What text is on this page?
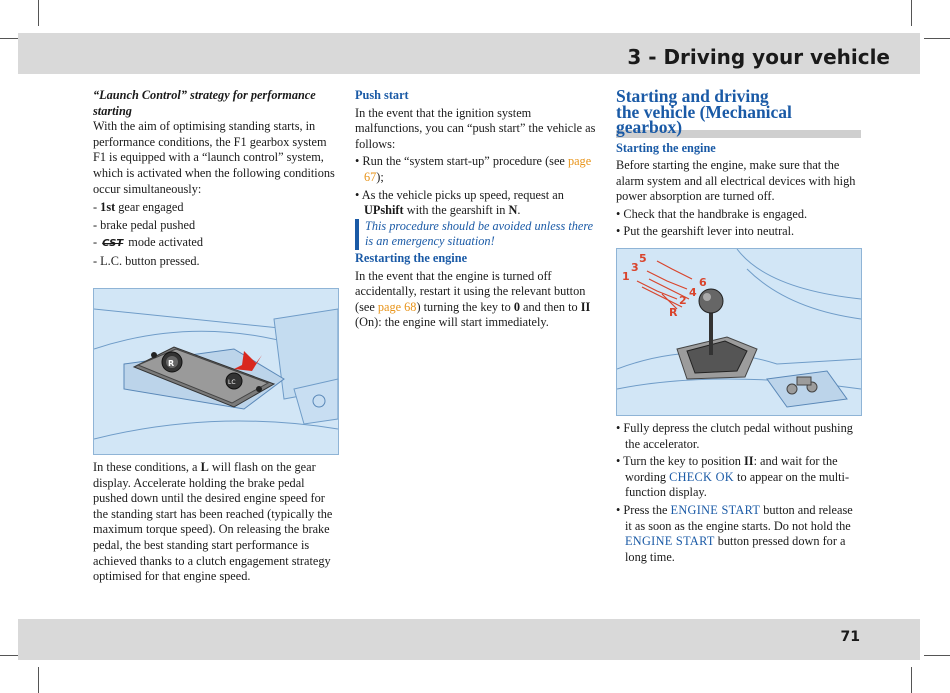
3 - Driving your vehicle
71

“Launch Control” strategy for performance starting

With the aim of optimising standing starts, in performance conditions, the F1 gearbox system F1 is equipped with a “launch control” system, which is activated when the following conditions occur simultaneously:

- 1st gear engaged

- brake pedal pushed

- CST mode activated

- L.C. button pressed.

R
LC

In these conditions, a L will flash on the gear display. Accelerate holding the brake pedal pushed down until the desired engine speed for the standing start has been reached (typically the maximum torque speed). On releasing the brake pedal, the best standing start performance is achieved thanks to a clutch engagement strategy optimised for that engine speed.

Push start

In the event that the ignition system malfunctions, you can “push start” the vehicle as follows:

• Run the “system start-up” procedure (see page 67);

• As the vehicle picks up speed, request an UPshift with the gearshift in N.

This procedure should be avoided unless there is an emergency situation!

Restarting the engine

In the event that the engine is turned off accidentally, restart it using the relevant button (see page 68) turning the key to 0 and then to II (On): the engine will start immediately.

Starting and driving
the vehicle (Mechanical
gearbox)

Starting the engine

Before starting the engine, make sure that the alarm system and all electrical devices with high power absorption are turned off.

• Check that the handbrake is engaged.

• Put the gearshift lever into neutral.

1
3
5
6
4
2
R

• Fully depress the clutch pedal without pushing the accelerator.

• Turn the key to position II: and wait for the wording CHECK OK to appear on the multi-function display.

• Press the ENGINE START button and release it as soon as the engine starts. Do not hold the ENGINE START button pressed down for a long time.
